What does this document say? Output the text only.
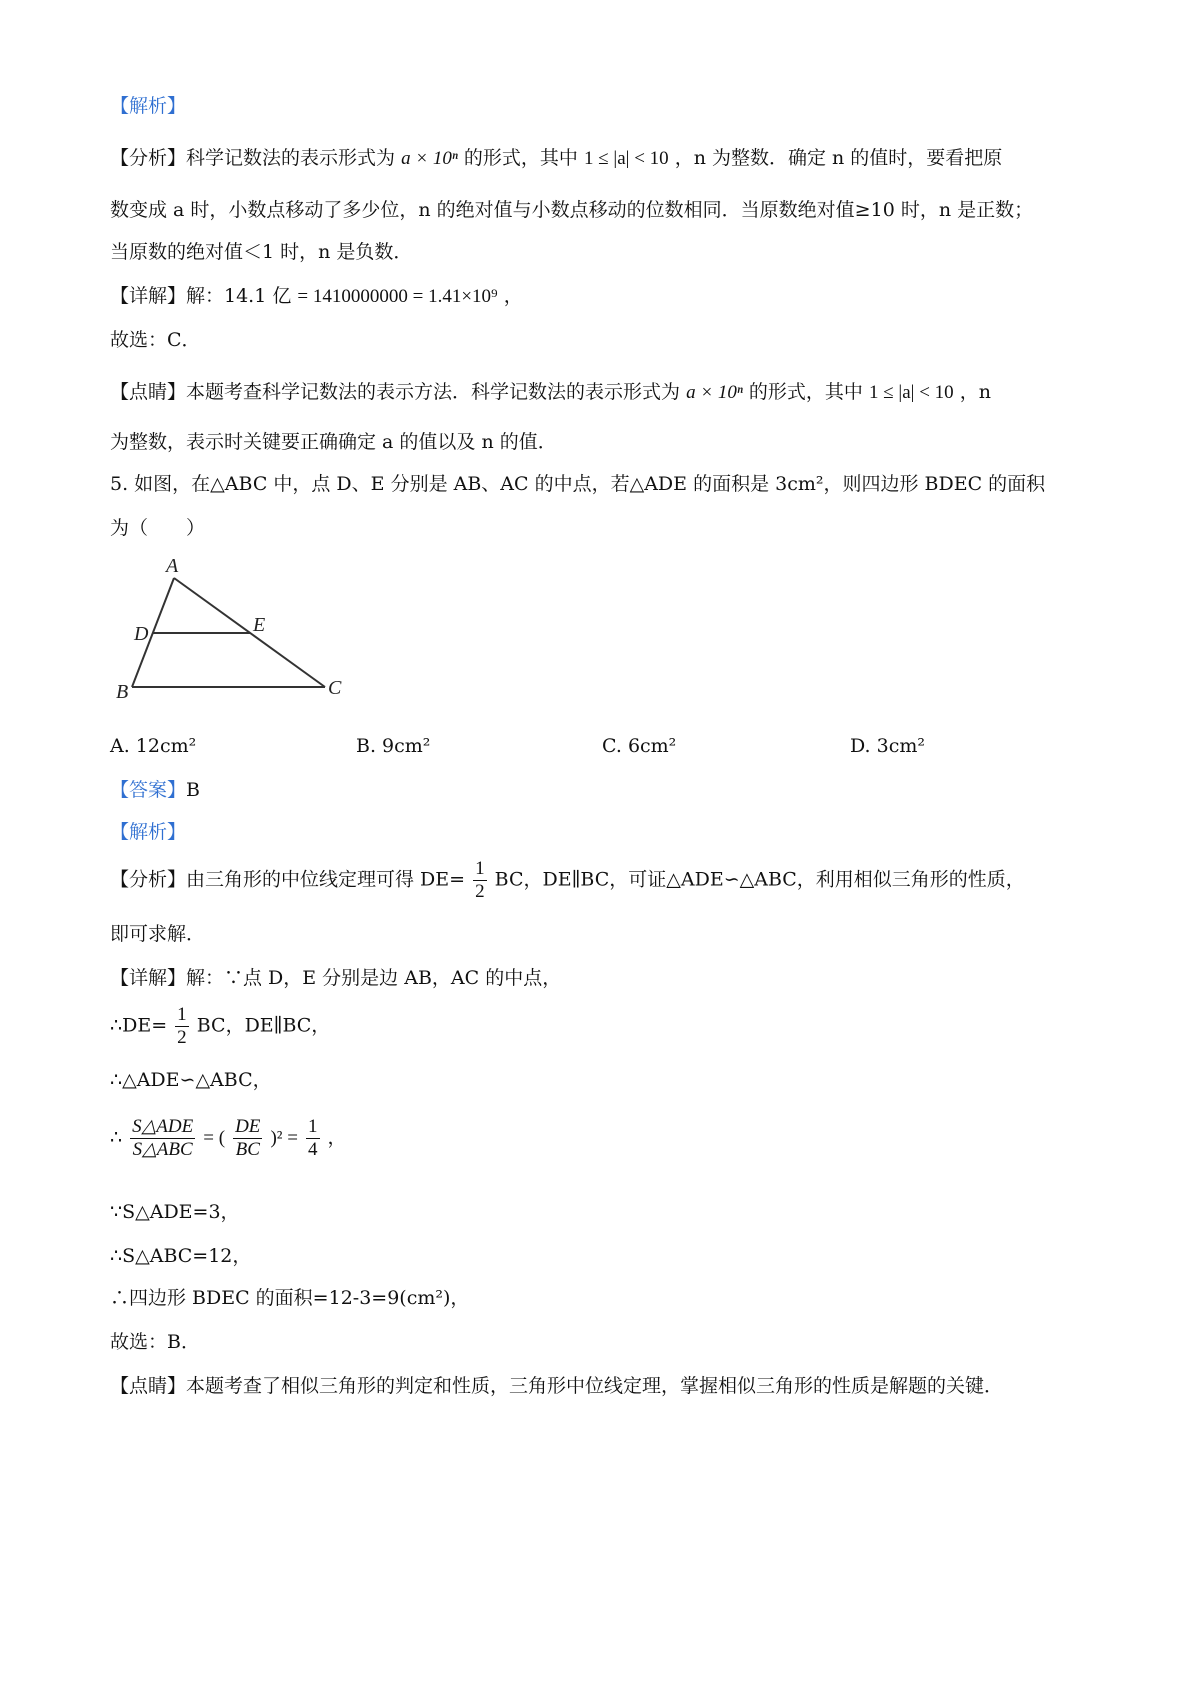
【解析】
【分析】科学记数法的表示形式为 a × 10ⁿ 的形式，其中 1 ≤ |a| < 10 ，n 为整数．确定 n 的值时，要看把原
数变成 a 时，小数点移动了多少位，n 的绝对值与小数点移动的位数相同．当原数绝对值≥10 时，n 是正数；
当原数的绝对值＜1 时，n 是负数．
【详解】解：14.1 亿 = 1410000000 = 1.41×10⁹ ，
故选：C．
【点睛】本题考查科学记数法的表示方法．科学记数法的表示形式为 a × 10ⁿ 的形式，其中 1 ≤ |a| < 10 ，n
为整数，表示时关键要正确确定 a 的值以及 n 的值．
5. 如图，在△ABC 中，点 D、E 分别是 AB、AC 的中点，若△ADE 的面积是 3cm²，则四边形 BDEC 的面积
为（　　）
A
D	E
B	C
A. 12cm²	B. 9cm²	C. 6cm²	D. 3cm²
【答案】B
【解析】
【分析】由三角形的中位线定理可得 $DE= \frac{1}{2}$ BC，DE∥BC，可证△ADE∽△ABC，利用相似三角形的性质，
即可求解．
【详解】解：∵点 D，E 分别是边 AB，AC 的中点，
∴DE= $\frac{1}{2}$ BC，DE∥BC，
∴△ADE∽△ABC，
∴ $\frac{\text{S△ADE}}{\text{S△ABC}}$ = ( $\frac{DE}{BC} )^2 = \frac{1}{4}$ ，
∵S△ADE=3，
∴S△ABC=12，
∴四边形 BDEC 的面积=12-3=9(cm²)，
故选：B．
【点睛】本题考查了相似三角形的判定和性质，三角形中位线定理，掌握相似三角形的性质是解题的关键．
